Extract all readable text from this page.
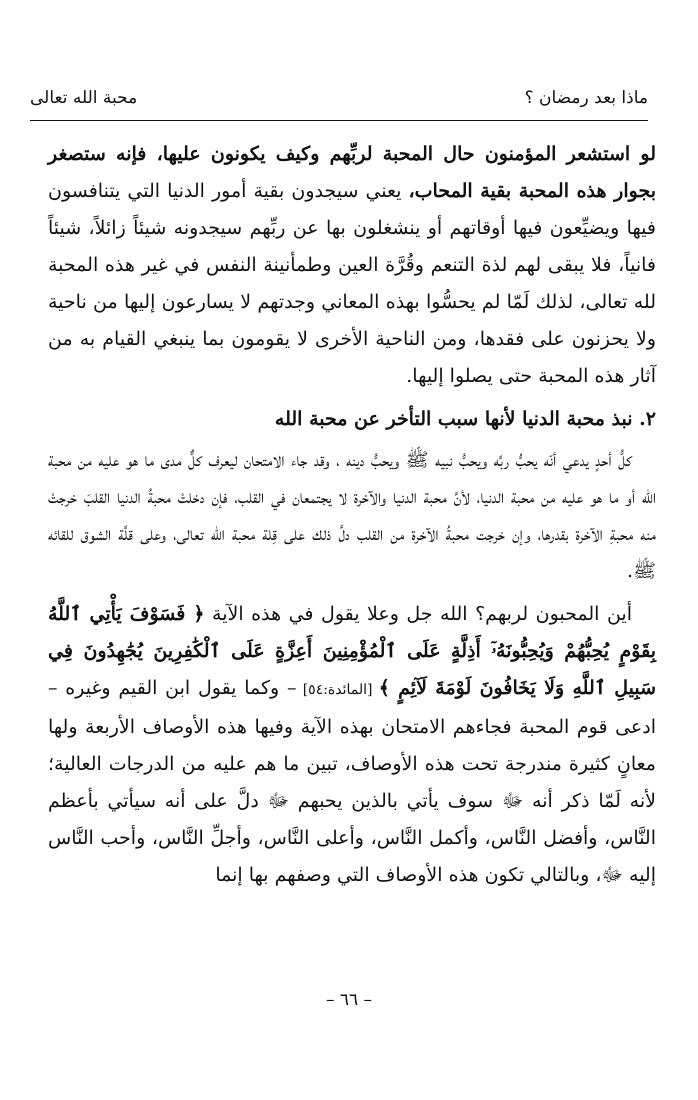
ماذا بعد رمضان ؟
محبة الله تعالى

لو استشعر المؤمنون حال المحبة لربِّهم وكيف يكونون عليها، فإنه ستصغر بجوار هذه المحبة بقية المحاب، يعني سيجدون بقية أمور الدنيا التي يتنافسون فيها ويضيِّعون فيها أوقاتهم أو ينشغلون بها عن ربِّهم سيجدونه شيئاً زائلاً، شيئاً فانياً، فلا يبقى لهم لذة التنعم وقُرَّة العين وطمأنينة النفس في غير هذه المحبة لله تعالى، لذلك لَمّا لم يحسُّوا بهذه المعاني وجدتهم لا يسارعون إليها من ناحية ولا يحزنون على فقدها، ومن الناحية الأخرى لا يقومون بما ينبغي القيام به من آثار هذه المحبة حتى يصلوا إليها.

٢. نبذ محبة الدنيا لأنها سبب التأخر عن محبة الله

كلُّ أحدٍ يدعي أنّه يحبُّ ربَّه ويحبُّ نبيه ﷺ ويحبُّ دينه ، وقد جاء الامتحان ليعرف كلٌّ مدى ما هو عليه من محبة الله أو ما هو عليه من محبة الدنيا، لأنَّ محبة الدنيا والآخرة لا يجتمعان في القلب، فإن دخلتْ محبةُ الدنيا القلبَ خرجتْ منه محبةِ الآخرة بقدرها، وإن خرجت محبةُ الآخرة من القلب دلَّ ذلك على قِلة محبة الله تعالى، وعلى قلَّة الشوق للقائه ﷺ.

أين المحبون لربهم؟ الله جل وعلا يقول في هذه الآية ﴿ فَسَوْفَ يَأْتِي ٱللَّهُ بِقَوْمٍ يُحِبُّهُمْ وَيُحِبُّونَهُۥٓ أَذِلَّةٍ عَلَى ٱلْمُؤْمِنِينَ أَعِزَّةٍ عَلَى ٱلْكَٰفِرِينَ يُجَٰهِدُونَ فِي سَبِيلِ ٱللَّهِ وَلَا يَخَافُونَ لَوْمَةَ لَآئِمٍ ﴾ [المائدة:٥٤] – وكما يقول ابن القيم وغيره – ادعى قوم المحبة فجاءهم الامتحان بهذه الآية وفيها هذه الأوصاف الأربعة ولها معانٍ كثيرة مندرجة تحت هذه الأوصاف، تبين ما هم عليه من الدرجات العالية؛ لأنه لَمّا ذكر أنه ﷻ سوف يأتي بالذين يحبهم ﷻ دلَّ على أنه سيأتي بأعظم النَّاس، وأفضل النَّاس، وأكمل النَّاس، وأعلى النَّاس، وأجلِّ النَّاس، وأحب النَّاس إليه ﷻ، وبالتالي تكون هذه الأوصاف التي وصفهم بها إنما

– ٦٦ –
